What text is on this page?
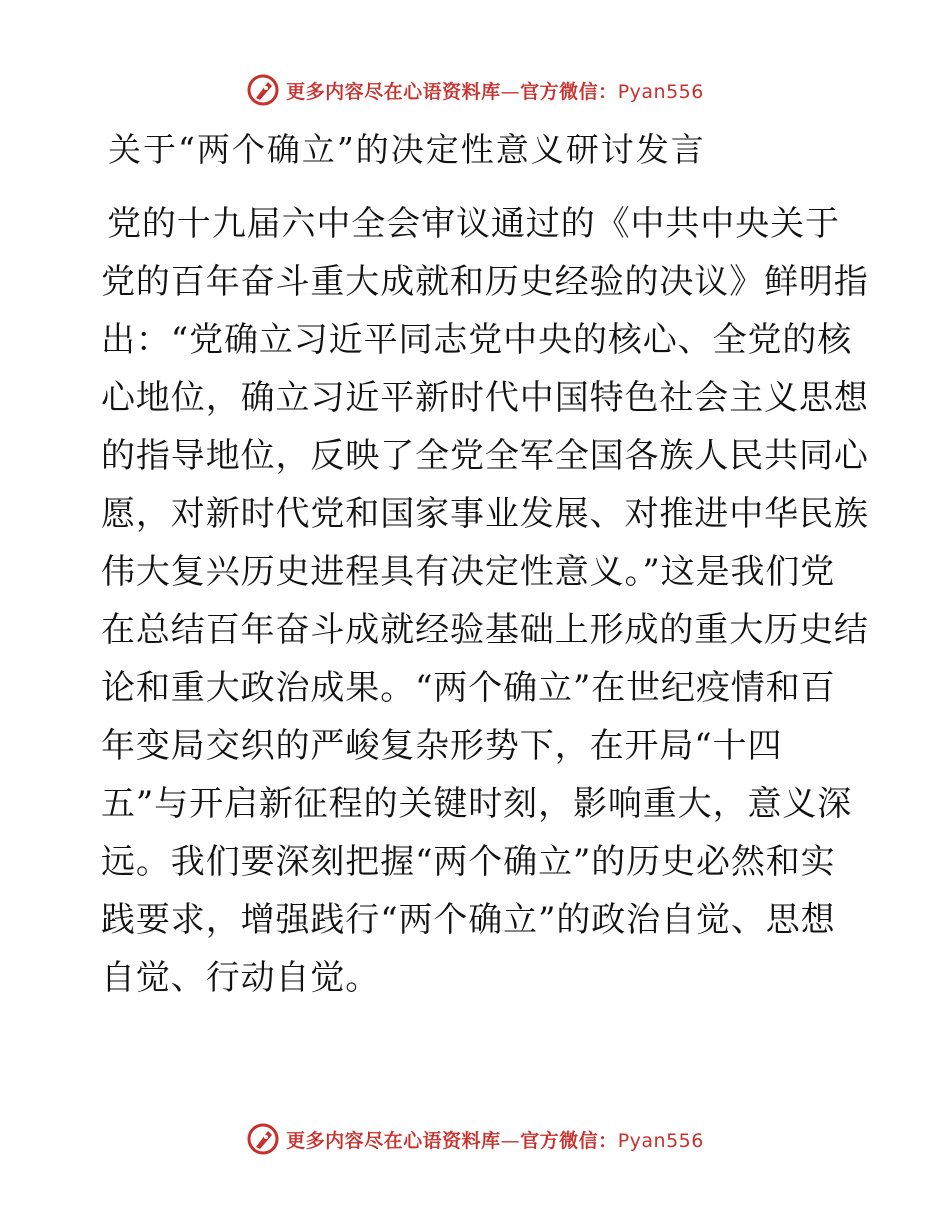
更多内容尽在心语资料库—官方微信：Pyan556
关于“两个确立”的决定性意义研讨发言
党的十九届六中全会审议通过的《中共中央关于
党的百年奋斗重大成就和历史经验的决议》鲜明指
出：“党确立习近平同志党中央的核心、全党的核
心地位，确立习近平新时代中国特色社会主义思想
的指导地位，反映了全党全军全国各族人民共同心
愿，对新时代党和国家事业发展、对推进中华民族
伟大复兴历史进程具有决定性意义。”这是我们党
在总结百年奋斗成就经验基础上形成的重大历史结
论和重大政治成果。“两个确立”在世纪疫情和百
年变局交织的严峻复杂形势下，在开局“十四
五”与开启新征程的关键时刻，影响重大，意义深
远。我们要深刻把握“两个确立”的历史必然和实
践要求，增强践行“两个确立”的政治自觉、思想
自觉、行动自觉。
更多内容尽在心语资料库—官方微信：Pyan556
